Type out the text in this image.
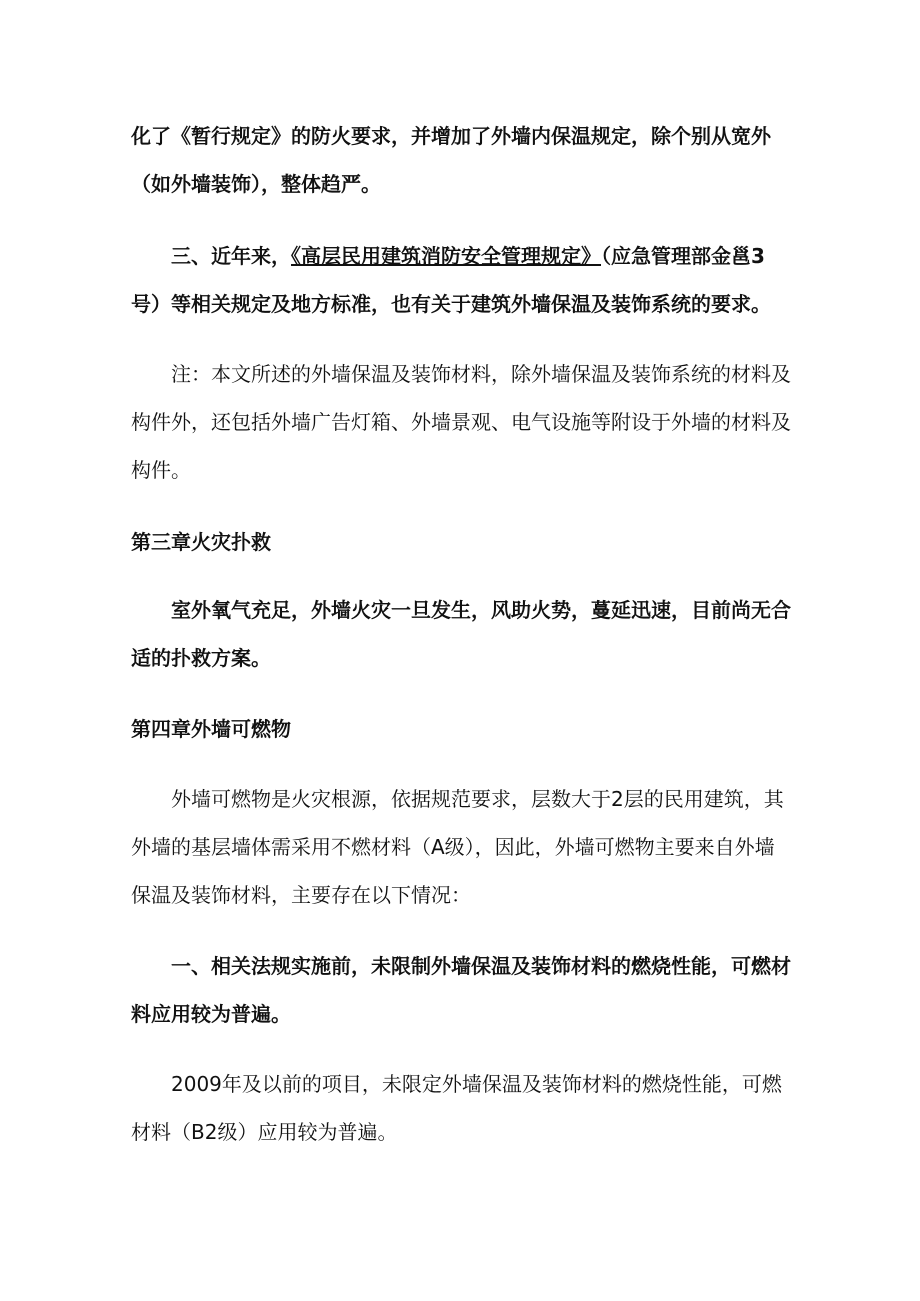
化了《暂行规定》的防火要求，并增加了外墙内保温规定，除个别从宽外（如外墙装饰），整体趋严。

三、近年来，《高层民用建筑消防安全管理规定》（应急管理部金邕3号）等相关规定及地方标准，也有关于建筑外墙保温及装饰系统的要求。

注：本文所述的外墙保温及装饰材料，除外墙保温及装饰系统的材料及构件外，还包括外墙广告灯箱、外墙景观、电气设施等附设于外墙的材料及构件。

第三章火灾扑救

室外氧气充足，外墙火灾一旦发生，风助火势，蔓延迅速，目前尚无合适的扑救方案。

第四章外墙可燃物

外墙可燃物是火灾根源，依据规范要求，层数大于2层的民用建筑，其外墙的基层墙体需采用不燃材料（A级），因此，外墙可燃物主要来自外墙保温及装饰材料，主要存在以下情况：

一、相关法规实施前，未限制外墙保温及装饰材料的燃烧性能，可燃材料应用较为普遍。

2009年及以前的项目，未限定外墙保温及装饰材料的燃烧性能，可燃材料（B2级）应用较为普遍。
